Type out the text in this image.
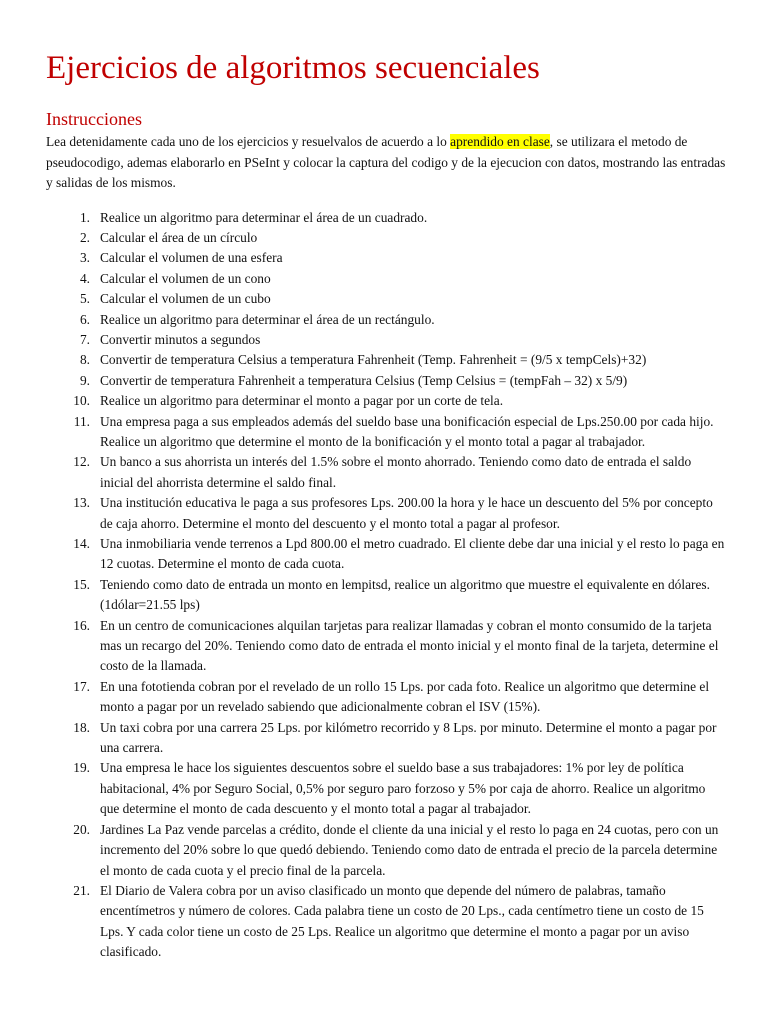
Ejercicios de algoritmos secuenciales
Instrucciones

Lea detenidamente cada uno de los ejercicios y resuelvalos de acuerdo a lo aprendido en clase, se utilizara el metodo de pseudocodigo, ademas elaborarlo en PSeInt y colocar la captura del codigo y de la ejecucion con datos, mostrando las entradas y salidas de los mismos.

1. Realice un algoritmo para determinar el área de un cuadrado.
2. Calcular el área de un círculo
3. Calcular el volumen de una esfera
4. Calcular el volumen de un cono
5. Calcular el volumen de un cubo
6. Realice un algoritmo para determinar el área de un rectángulo.
7. Convertir minutos a segundos
8. Convertir de temperatura Celsius a temperatura Fahrenheit (Temp. Fahrenheit = (9/5 x tempCels)+32)
9. Convertir de temperatura Fahrenheit a temperatura Celsius (Temp Celsius = (tempFah – 32) x 5/9)
10. Realice un algoritmo para determinar el monto a pagar por un corte de tela.
11. Una empresa paga a sus empleados además del sueldo base una bonificación especial de Lps.250.00 por cada hijo. Realice un algoritmo que determine el monto de la bonificación y el monto total a pagar al trabajador.
12. Un banco a sus ahorrista un interés del 1.5% sobre el monto ahorrado. Teniendo como dato de entrada el saldo inicial del ahorrista determine el saldo final.
13. Una institución educativa le paga a sus profesores Lps. 200.00 la hora y le hace un descuento del 5% por concepto de caja ahorro. Determine el monto del descuento y el monto total a pagar al profesor.
14. Una inmobiliaria vende terrenos a Lpd 800.00 el metro cuadrado. El cliente debe dar una inicial y el resto lo paga en 12 cuotas. Determine el monto de cada cuota.
15. Teniendo como dato de entrada un monto en lempitsd, realice un algoritmo que muestre el equivalente en dólares. (1dólar=21.55 lps)
16. En un centro de comunicaciones alquilan tarjetas para realizar llamadas y cobran el monto consumido de la tarjeta mas un recargo del 20%. Teniendo como dato de entrada el monto inicial y el monto final de la tarjeta, determine el costo de la llamada.
17. En una fototienda cobran por el revelado de un rollo 15 Lps. por cada foto. Realice un algoritmo que determine el monto a pagar por un revelado sabiendo que adicionalmente cobran el ISV (15%).
18. Un taxi cobra por una carrera 25 Lps. por kilómetro recorrido y 8 Lps. por minuto. Determine el monto a pagar por una carrera.
19. Una empresa le hace los siguientes descuentos sobre el sueldo base a sus trabajadores: 1% por ley de política habitacional, 4% por Seguro Social, 0,5% por seguro paro forzoso y 5% por caja de ahorro. Realice un algoritmo que determine el monto de cada descuento y el monto total a pagar al trabajador.
20. Jardines La Paz vende parcelas a crédito, donde el cliente da una inicial y el resto lo paga en 24 cuotas, pero con un incremento del 20% sobre lo que quedó debiendo. Teniendo como dato de entrada el precio de la parcela determine el monto de cada cuota y el precio final de la parcela.
21. El Diario de Valera cobra por un aviso clasificado un monto que depende del número de palabras, tamaño encentímetros y número de colores. Cada palabra tiene un costo de 20 Lps., cada centímetro tiene un costo de 15 Lps. Y cada color tiene un costo de 25 Lps. Realice un algoritmo que determine el monto a pagar por un aviso clasificado.
